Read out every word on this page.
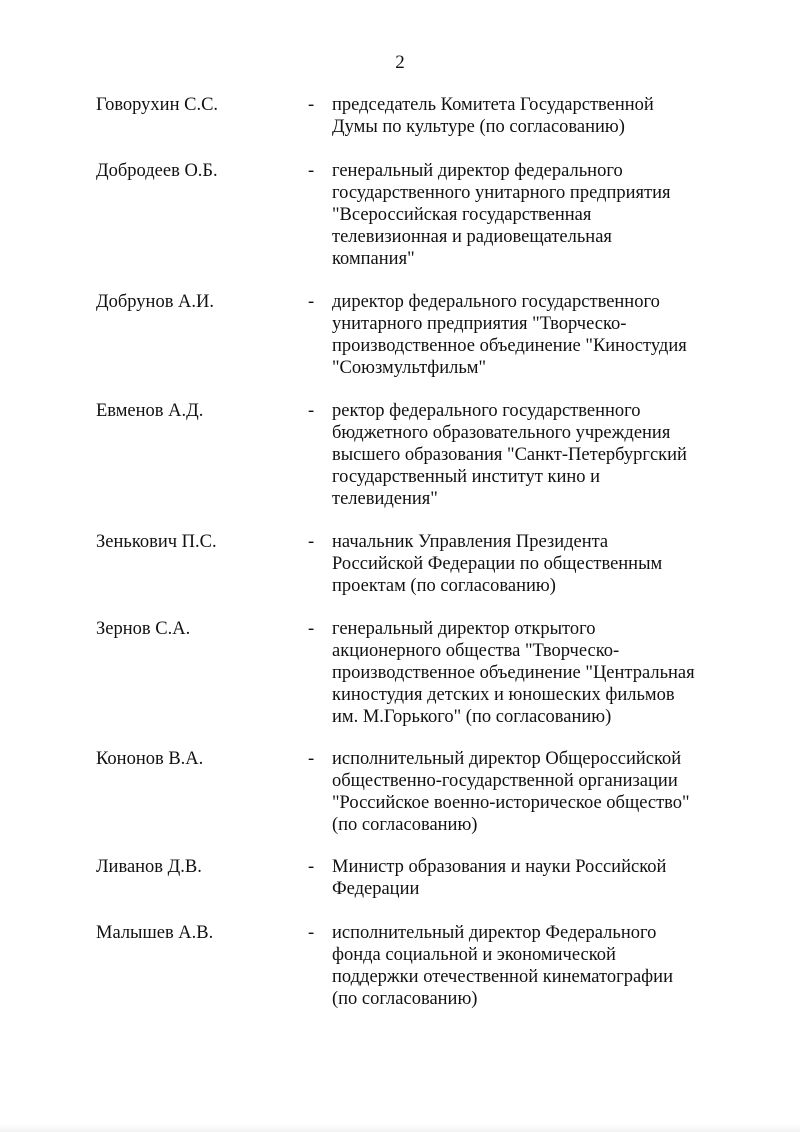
2
Говорухин С.С.	- председатель Комитета Государственной
Думы по культуре (по согласованию)
Добродеев О.Б.	- генеральный директор федерального
государственного унитарного предприятия
"Всероссийская государственная
телевизионная и радиовещательная
компания"
Добрунов А.И.	- директор федерального государственного
унитарного предприятия "Творческо-
производственное объединение "Киностудия
"Союзмультфильм"
Евменов А.Д.	- ректор федерального государственного
бюджетного образовательного учреждения
высшего образования "Санкт-Петербургский
государственный институт кино и
телевидения"
Зенькович П.С.	- начальник Управления Президента
Российской Федерации по общественным
проектам (по согласованию)
Зернов С.А.	- генеральный директор открытого
акционерного общества "Творческо-
производственное объединение "Центральная
киностудия детских и юношеских фильмов
им. М.Горького" (по согласованию)
Кононов В.А.	- исполнительный директор Общероссийской
общественно-государственной организации
"Российское военно-историческое общество"
(по согласованию)
Ливанов Д.В.	- Министр образования и науки Российской
Федерации
Малышев А.В.	- исполнительный директор Федерального
фонда социальной и экономической
поддержки отечественной кинематографии
(по согласованию)
